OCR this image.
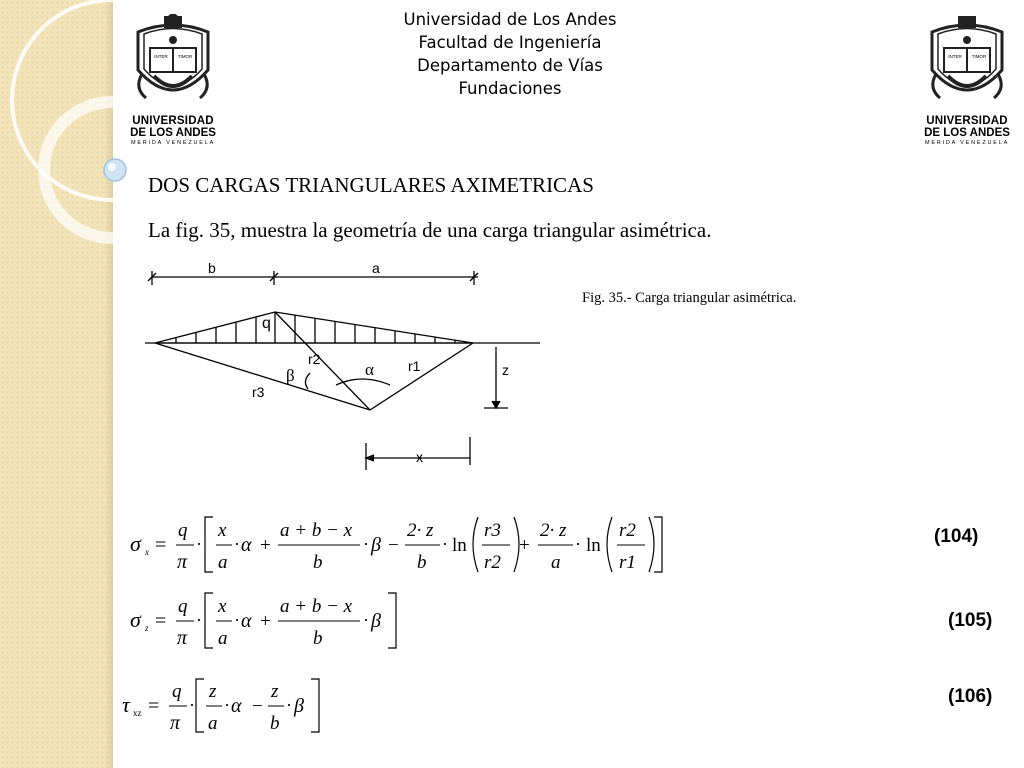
INTER TIMOR
UNIVERSIDAD
DE LOS ANDES
MERIDA VENEZUELA
INTER TIMOR
UNIVERSIDAD
DE LOS ANDES
MERIDA VENEZUELA
Universidad de Los Andes
Facultad de Ingeniería
Departamento de Vías
Fundaciones
DOS CARGAS TRIANGULARES AXIMETRICAS
La fig. 35, muestra la geometría de una carga triangular asimétrica.
Fig. 35.- Carga triangular asimétrica.
b	a
q
r2
α r1
β
r3
z
x
σ x =
q
π
·
x
a
· α +
a + b − x
b
· β −
2· z
b
· ln
r3
r2
+
2· z
a
· ln
r2
r1
σ z =
q
π
·
x
a
· α +
a + b − x
b
· β
τ xz =
q
π
·
z
a
· α −
z
b
· β
(104)
(105)
(106)
